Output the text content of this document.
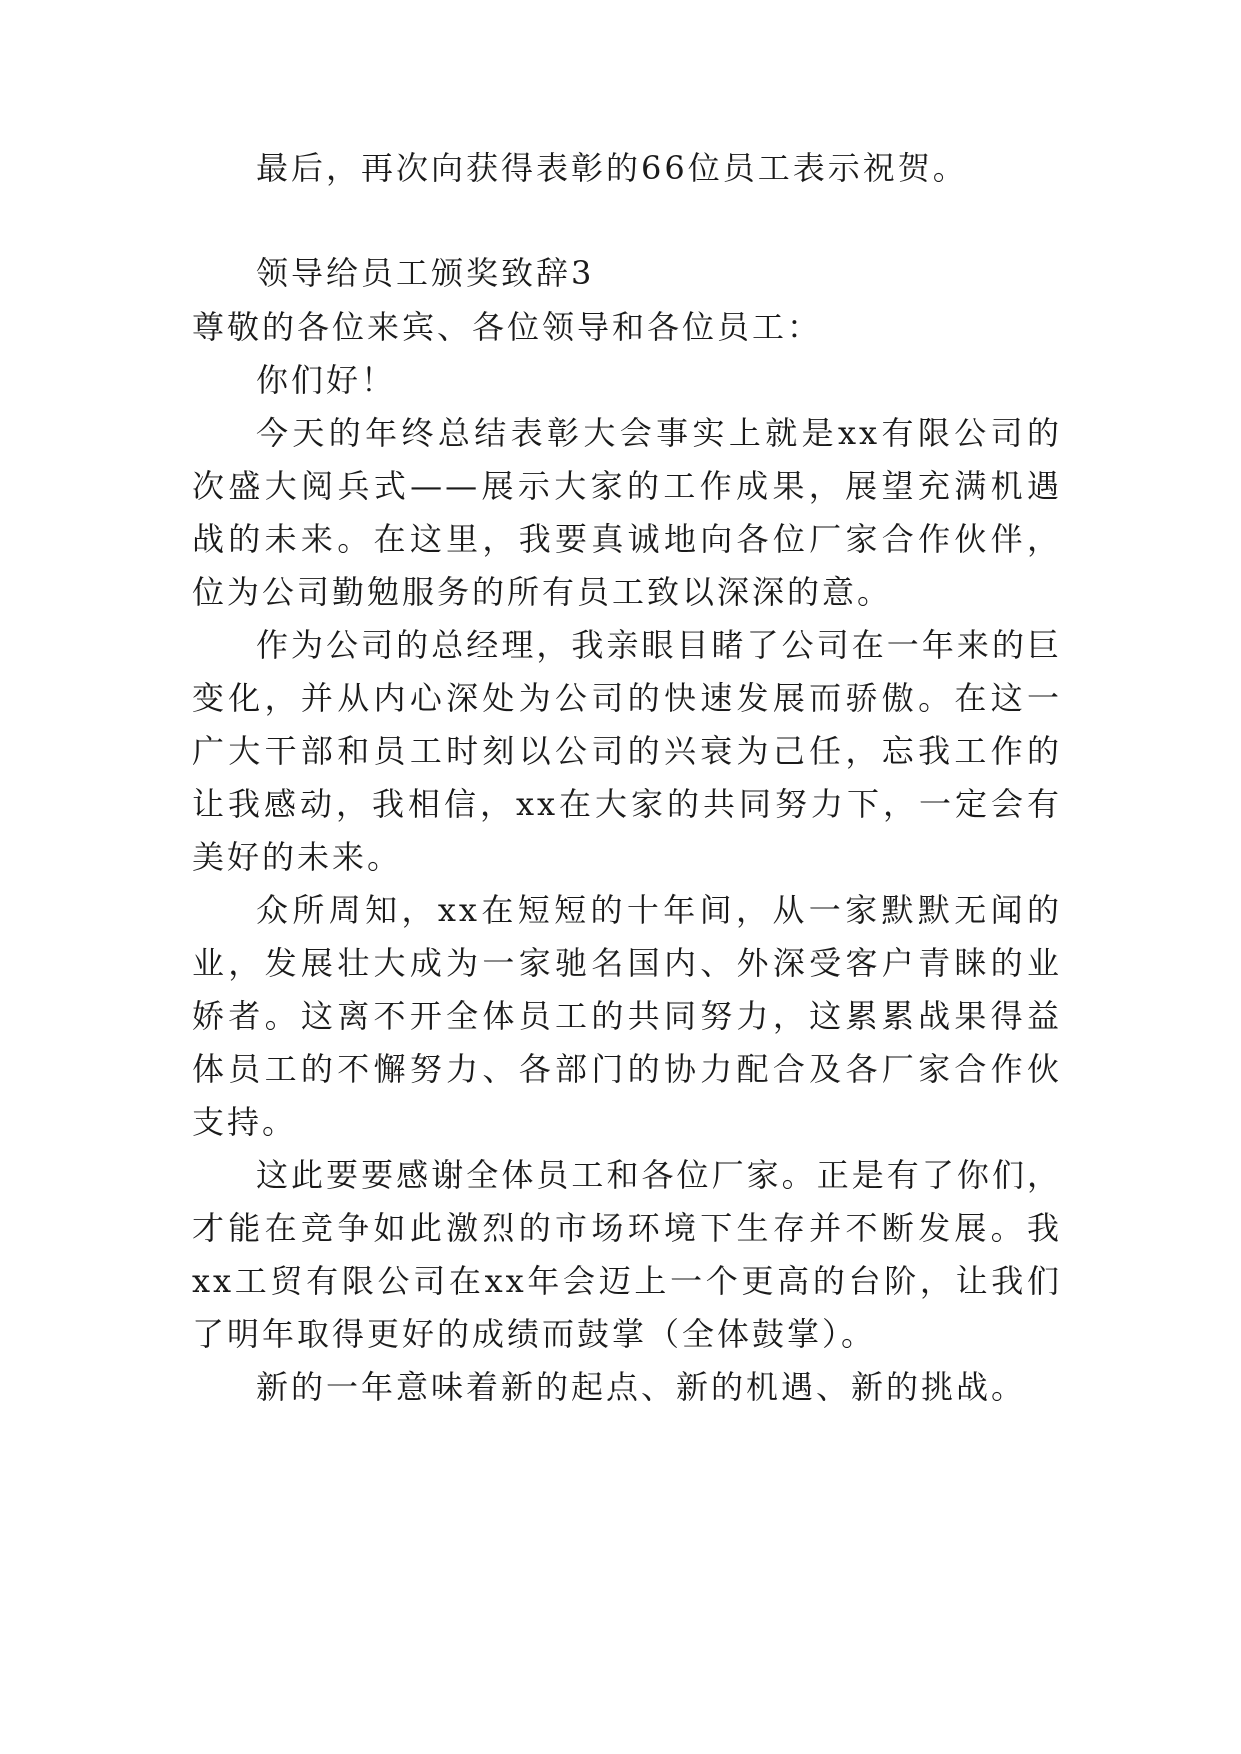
最后，再次向获得表彰的66位员工表示祝贺。
领导给员工颁奖致辞3
尊敬的各位来宾、各位领导和各位员工：
你们好！
今天的年终总结表彰大会事实上就是xx有限公司的
次盛大阅兵式——展示大家的工作成果，展望充满机遇
战的未来。在这里，我要真诚地向各位厂家合作伙伴，
位为公司勤勉服务的所有员工致以深深的意。
作为公司的总经理，我亲眼目睹了公司在一年来的巨
变化，并从内心深处为公司的快速发展而骄傲。在这一
广大干部和员工时刻以公司的兴衰为己任，忘我工作的
让我感动，我相信，xx在大家的共同努力下，一定会有
美好的未来。
众所周知，xx在短短的十年间，从一家默默无闻的
业，发展壮大成为一家驰名国内、外深受客户青睐的业
娇者。这离不开全体员工的共同努力，这累累战果得益
体员工的不懈努力、各部门的协力配合及各厂家合作伙
支持。
这此要要感谢全体员工和各位厂家。正是有了你们，
才能在竞争如此激烈的市场环境下生存并不断发展。我
xx工贸有限公司在xx年会迈上一个更高的台阶，让我们
了明年取得更好的成绩而鼓掌（全体鼓掌）。
新的一年意味着新的起点、新的机遇、新的挑战。
